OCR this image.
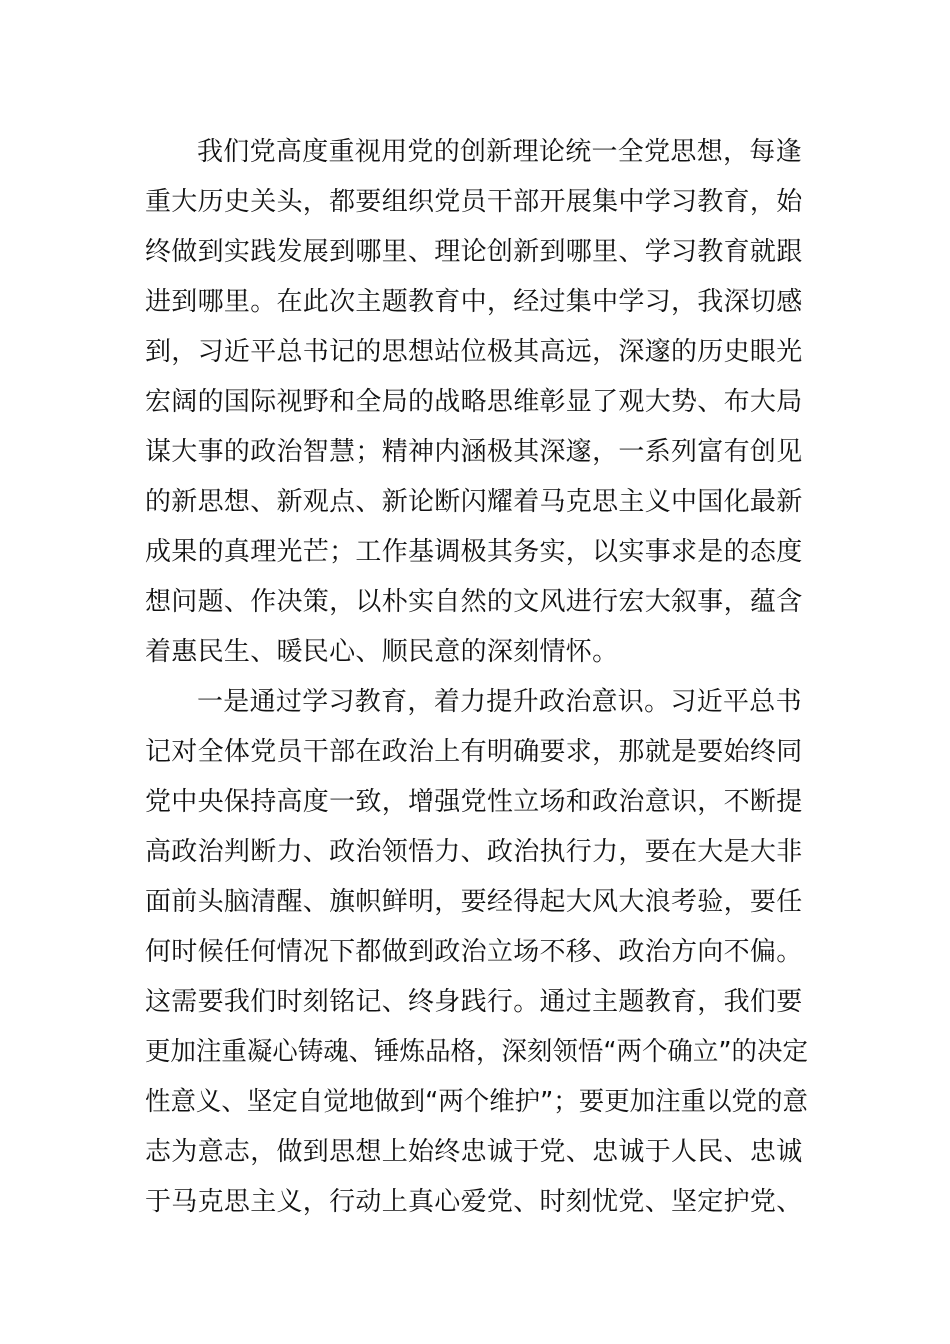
我们党高度重视用党的创新理论统一全党思想，每逢
重大历史关头，都要组织党员干部开展集中学习教育，始
终做到实践发展到哪里、理论创新到哪里、学习教育就跟
进到哪里。在此次主题教育中，经过集中学习，我深切感
到，习近平总书记的思想站位极其高远，深邃的历史眼光
宏阔的国际视野和全局的战略思维彰显了观大势、布大局
谋大事的政治智慧；精神内涵极其深邃，一系列富有创见
的新思想、新观点、新论断闪耀着马克思主义中国化最新
成果的真理光芒；工作基调极其务实，以实事求是的态度
想问题、作决策，以朴实自然的文风进行宏大叙事，蕴含
着惠民生、暖民心、顺民意的深刻情怀。
一是通过学习教育，着力提升政治意识。习近平总书
记对全体党员干部在政治上有明确要求，那就是要始终同
党中央保持高度一致，增强党性立场和政治意识，不断提
高政治判断力、政治领悟力、政治执行力，要在大是大非
面前头脑清醒、旗帜鲜明，要经得起大风大浪考验，要任
何时候任何情况下都做到政治立场不移、政治方向不偏。
这需要我们时刻铭记、终身践行。通过主题教育，我们要
更加注重凝心铸魂、锤炼品格，深刻领悟“两个确立”的决定
性意义、坚定自觉地做到“两个维护”；要更加注重以党的意
志为意志，做到思想上始终忠诚于党、忠诚于人民、忠诚
于马克思主义，行动上真心爱党、时刻忧党、坚定护党、
